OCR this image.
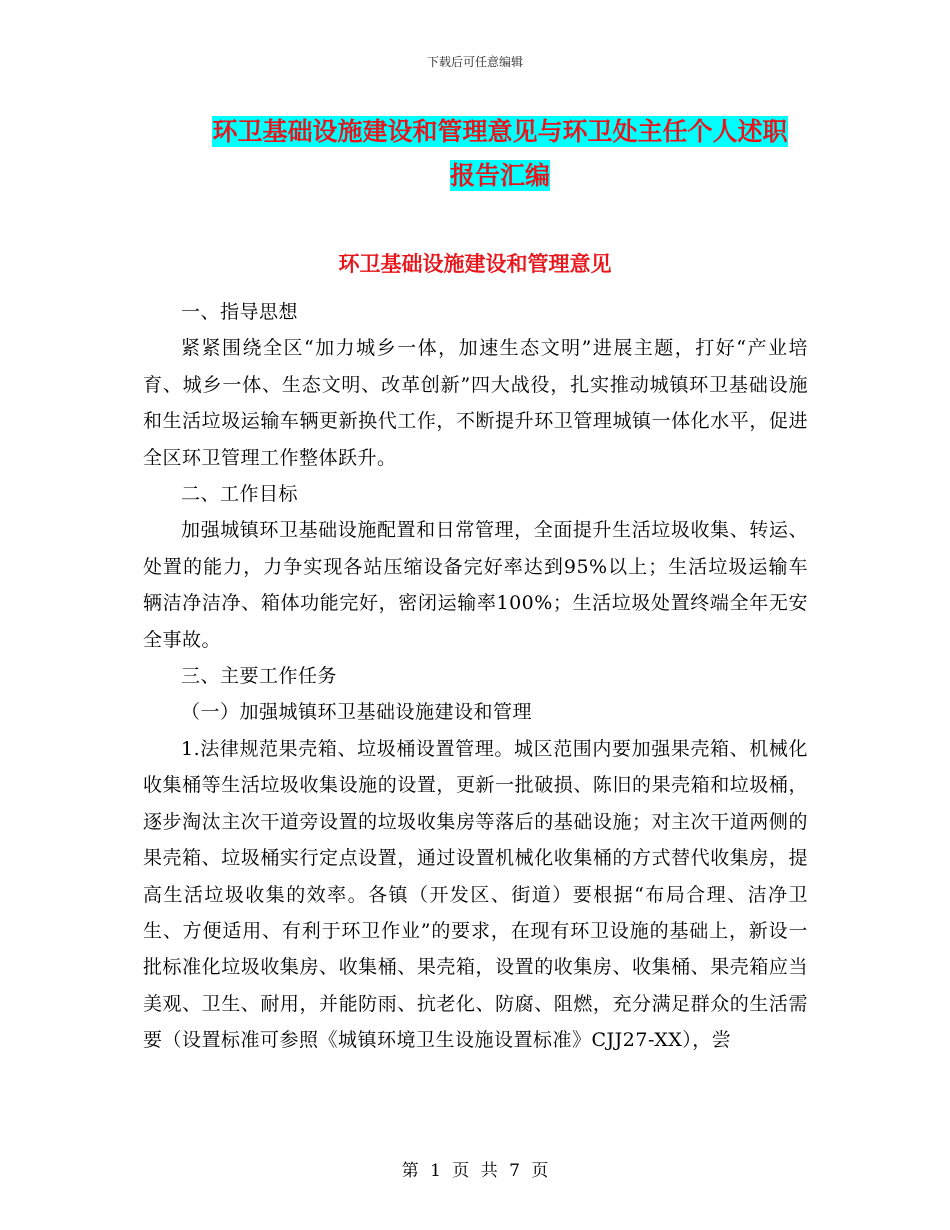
下载后可任意编辑
环卫基础设施建设和管理意见与环卫处主任个人述职
报告汇编
环卫基础设施建设和管理意见

一、指导思想

紧紧围绕全区“加力城乡一体，加速生态文明”进展主题，打好“产业培育、城乡一体、生态文明、改革创新”四大战役，扎实推动城镇环卫基础设施和生活垃圾运输车辆更新换代工作，不断提升环卫管理城镇一体化水平，促进全区环卫管理工作整体跃升。

二、工作目标

加强城镇环卫基础设施配置和日常管理，全面提升生活垃圾收集、转运、处置的能力，力争实现各站压缩设备完好率达到95%以上；生活垃圾运输车辆洁净洁净、箱体功能完好，密闭运输率100%；生活垃圾处置终端全年无安全事故。

三、主要工作任务

（一）加强城镇环卫基础设施建设和管理

1.法律规范果壳箱、垃圾桶设置管理。城区范围内要加强果壳箱、机械化收集桶等生活垃圾收集设施的设置，更新一批破损、陈旧的果壳箱和垃圾桶，逐步淘汰主次干道旁设置的垃圾收集房等落后的基础设施；对主次干道两侧的果壳箱、垃圾桶实行定点设置，通过设置机械化收集桶的方式替代收集房，提高生活垃圾收集的效率。各镇（开发区、街道）要根据“布局合理、洁净卫生、方便适用、有利于环卫作业”的要求，在现有环卫设施的基础上，新设一批标准化垃圾收集房、收集桶、果壳箱，设置的收集房、收集桶、果壳箱应当美观、卫生、耐用，并能防雨、抗老化、防腐、阻燃，充分满足群众的生活需要（设置标准可参照《城镇环境卫生设施设置标准》CJJ27-XX），尝

第 1 页 共 7 页
